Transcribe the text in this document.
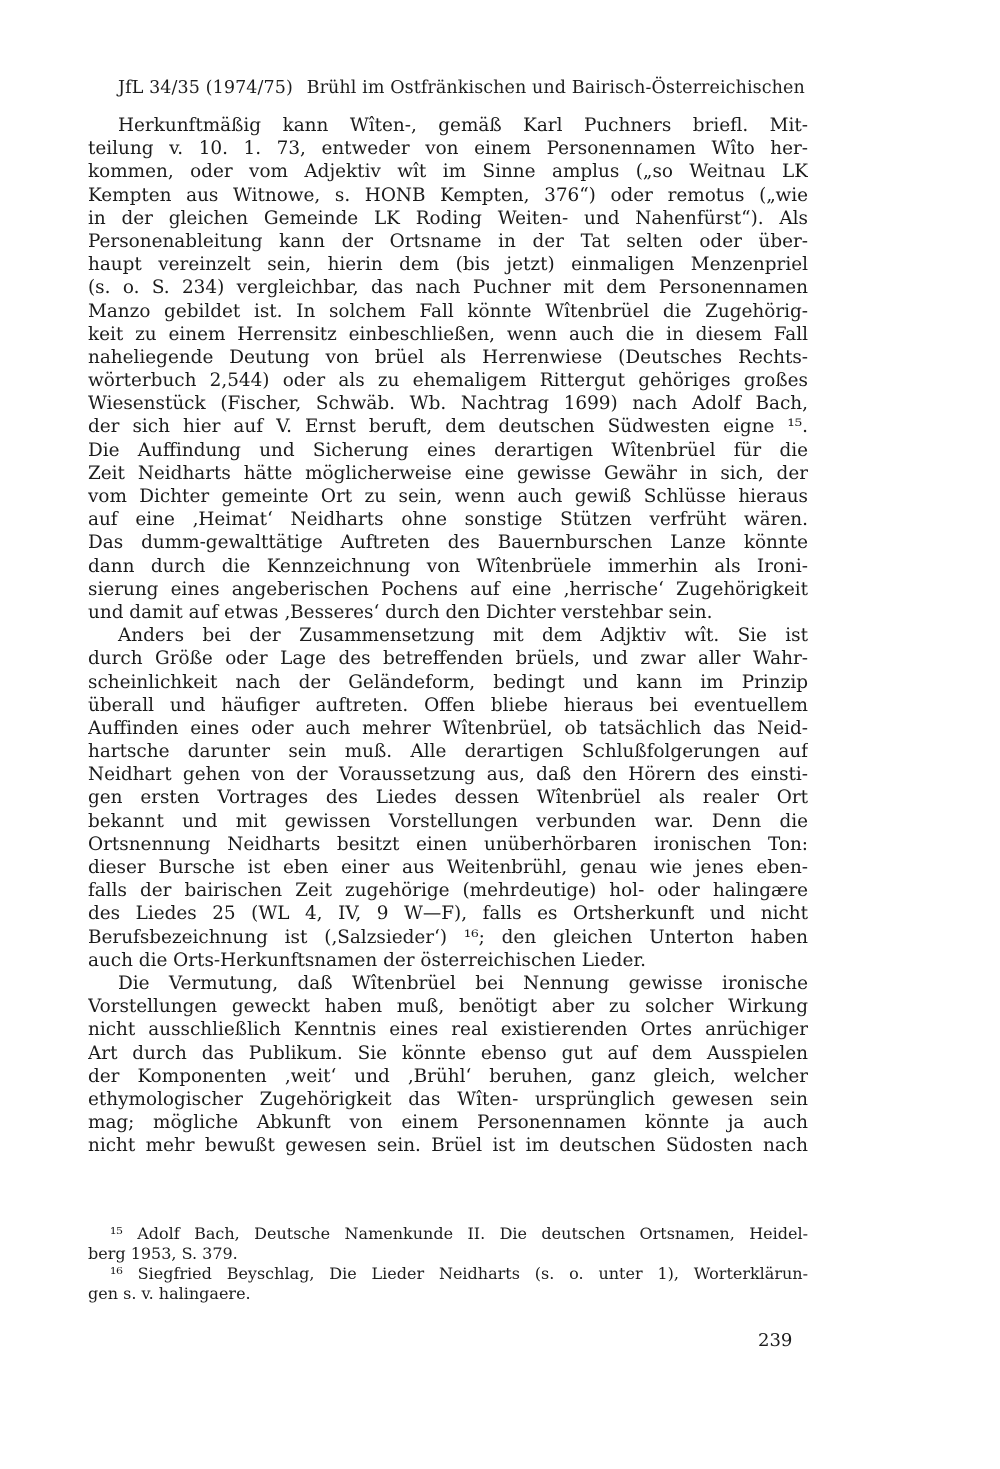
JfL 34/35 (1974/75) Brühl im Ostfränkischen und Bairisch-Österreichischen
Herkunftmäßig kann Wîten-, gemäß Karl Puchners briefl. Mit-
teilung v. 10. 1. 73, entweder von einem Personennamen Wîto her-
kommen, oder vom Adjektiv wît im Sinne amplus („so Weitnau LK
Kempten aus Witnowe, s. HONB Kempten, 376“) oder remotus („wie
in der gleichen Gemeinde LK Roding Weiten- und Nahenfürst“). Als
Personenableitung kann der Ortsname in der Tat selten oder über-
haupt vereinzelt sein, hierin dem (bis jetzt) einmaligen Menzenpriel
(s. o. S. 234) vergleichbar, das nach Puchner mit dem Personennamen
Manzo gebildet ist. In solchem Fall könnte Wîtenbrüel die Zugehörig-
keit zu einem Herrensitz einbeschließen, wenn auch die in diesem Fall
naheliegende Deutung von brüel als Herrenwiese (Deutsches Rechts-
wörterbuch 2,544) oder als zu ehemaligem Rittergut gehöriges großes
Wiesenstück (Fischer, Schwäb. Wb. Nachtrag 1699) nach Adolf Bach,
der sich hier auf V. Ernst beruft, dem deutschen Südwesten eigne ¹⁵.
Die Auffindung und Sicherung eines derartigen Wîtenbrüel für die
Zeit Neidharts hätte möglicherweise eine gewisse Gewähr in sich, der
vom Dichter gemeinte Ort zu sein, wenn auch gewiß Schlüsse hieraus
auf eine ‚Heimat‘ Neidharts ohne sonstige Stützen verfrüht wären.
Das dumm-gewalttätige Auftreten des Bauernburschen Lanze könnte
dann durch die Kennzeichnung von Wîtenbrüele immerhin als Ironi-
sierung eines angeberischen Pochens auf eine ‚herrische‘ Zugehörigkeit
und damit auf etwas ‚Besseres‘ durch den Dichter verstehbar sein.
Anders bei der Zusammensetzung mit dem Adjktiv wît. Sie ist
durch Größe oder Lage des betreffenden brüels, und zwar aller Wahr-
scheinlichkeit nach der Geländeform, bedingt und kann im Prinzip
überall und häufiger auftreten. Offen bliebe hieraus bei eventuellem
Auffinden eines oder auch mehrer Wîtenbrüel, ob tatsächlich das Neid-
hartsche darunter sein muß. Alle derartigen Schlußfolgerungen auf
Neidhart gehen von der Voraussetzung aus, daß den Hörern des einsti-
gen ersten Vortrages des Liedes dessen Wîtenbrüel als realer Ort
bekannt und mit gewissen Vorstellungen verbunden war. Denn die
Ortsnennung Neidharts besitzt einen unüberhörbaren ironischen Ton:
dieser Bursche ist eben einer aus Weitenbrühl, genau wie jenes eben-
falls der bairischen Zeit zugehörige (mehrdeutige) hol- oder halingære
des Liedes 25 (WL 4, IV, 9 W—F), falls es Ortsherkunft und nicht
Berufsbezeichnung ist (‚Salzsieder‘) ¹⁶; den gleichen Unterton haben
auch die Orts-Herkunftsnamen der österreichischen Lieder.
Die Vermutung, daß Wîtenbrüel bei Nennung gewisse ironische
Vorstellungen geweckt haben muß, benötigt aber zu solcher Wirkung
nicht ausschließlich Kenntnis eines real existierenden Ortes anrüchiger
Art durch das Publikum. Sie könnte ebenso gut auf dem Ausspielen
der Komponenten ‚weit‘ und ‚Brühl‘ beruhen, ganz gleich, welcher
ethymologischer Zugehörigkeit das Wîten- ursprünglich gewesen sein
mag; mögliche Abkunft von einem Personennamen könnte ja auch
nicht mehr bewußt gewesen sein. Brüel ist im deutschen Südosten nach
¹⁵ Adolf Bach, Deutsche Namenkunde II. Die deutschen Ortsnamen, Heidel-
berg 1953, S. 379.
¹⁶ Siegfried Beyschlag, Die Lieder Neidharts (s. o. unter 1), Worterklärun-
gen s. v. halingaere.
239
